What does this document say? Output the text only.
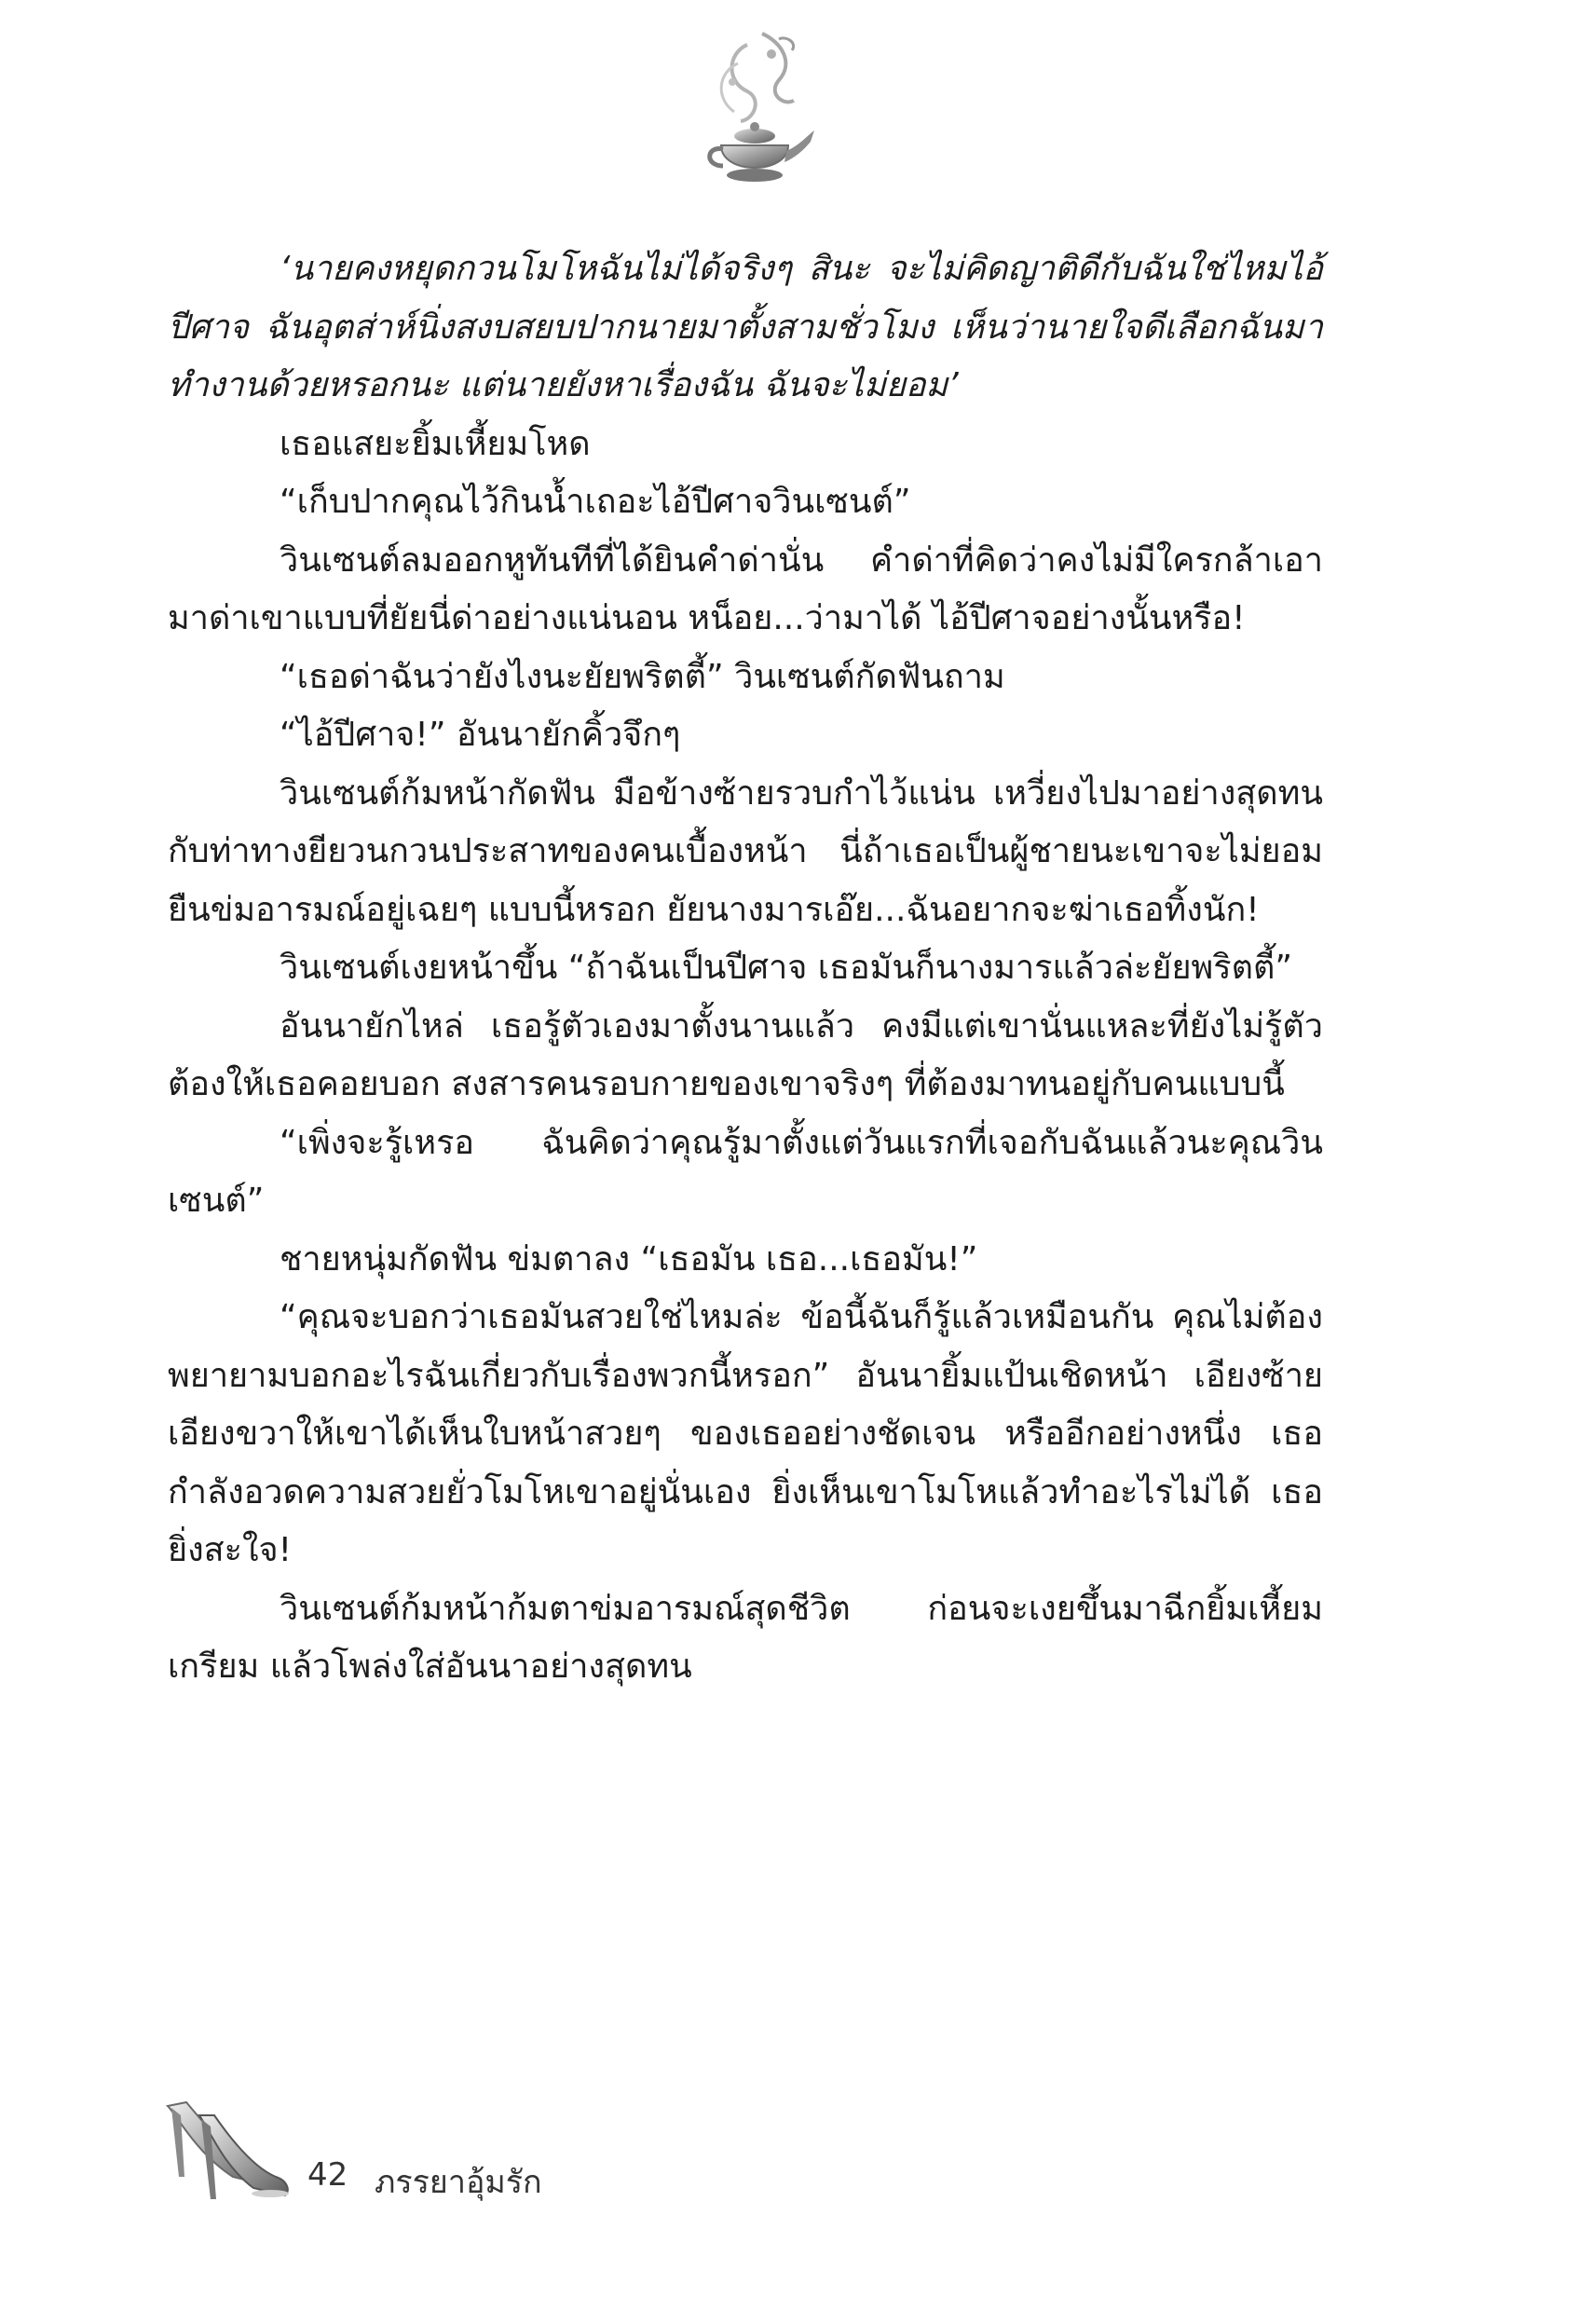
‘นายคงหยุดกวนโมโหฉันไม่ได้จริงๆ สินะ จะไม่คิดญาติดีกับฉันใช่ไหมไอ้ปีศาจ ฉันอุตส่าห์นิ่งสงบสยบปากนายมาตั้งสามชั่วโมง เห็นว่านายใจดีเลือกฉันมาทำงานด้วยหรอกนะ แต่นายยังหาเรื่องฉัน ฉันจะไม่ยอม’

เธอแสยะยิ้มเหี้ยมโหด

“เก็บปากคุณไว้กินน้ำเถอะไอ้ปีศาจวินเซนต์”

วินเซนต์ลมออกหูทันทีที่ได้ยินคำด่านั่น คำด่าที่คิดว่าคงไม่มีใครกล้าเอามาด่าเขาแบบที่ยัยนี่ด่าอย่างแน่นอน หน็อย...ว่ามาได้ ไอ้ปีศาจอย่างนั้นหรือ!

“เธอด่าฉันว่ายังไงนะยัยพริตตี้” วินเซนต์กัดฟันถาม

“ไอ้ปีศาจ!” อันนายักคิ้วจึกๆ

วินเซนต์ก้มหน้ากัดฟัน มือข้างซ้ายรวบกำไว้แน่น เหวี่ยงไปมาอย่างสุดทนกับท่าทางยียวนกวนประสาทของคนเบื้องหน้า นี่ถ้าเธอเป็นผู้ชายนะเขาจะไม่ยอมยืนข่มอารมณ์อยู่เฉยๆ แบบนี้หรอก ยัยนางมารเอ๊ย...ฉันอยากจะฆ่าเธอทิ้งนัก!

วินเซนต์เงยหน้าขึ้น “ถ้าฉันเป็นปีศาจ เธอมันก็นางมารแล้วล่ะยัยพริตตี้”

อันนายักไหล่ เธอรู้ตัวเองมาตั้งนานแล้ว คงมีแต่เขานั่นแหละที่ยังไม่รู้ตัว ต้องให้เธอคอยบอก สงสารคนรอบกายของเขาจริงๆ ที่ต้องมาทนอยู่กับคนแบบนี้

“เพิ่งจะรู้เหรอ ฉันคิดว่าคุณรู้มาตั้งแต่วันแรกที่เจอกับฉันแล้วนะคุณวินเซนต์”

ชายหนุ่มกัดฟัน ข่มตาลง “เธอมัน เธอ...เธอมัน!”

“คุณจะบอกว่าเธอมันสวยใช่ไหมล่ะ ข้อนี้ฉันก็รู้แล้วเหมือนกัน คุณไม่ต้องพยายามบอกอะไรฉันเกี่ยวกับเรื่องพวกนี้หรอก” อันนายิ้มแป้นเชิดหน้า เอียงซ้ายเอียงขวาให้เขาได้เห็นใบหน้าสวยๆ ของเธออย่างชัดเจน หรืออีกอย่างหนึ่ง เธอกำลังอวดความสวยยั่วโมโหเขาอยู่นั่นเอง ยิ่งเห็นเขาโมโหแล้วทำอะไรไม่ได้ เธอยิ่งสะใจ!

วินเซนต์ก้มหน้าก้มตาข่มอารมณ์สุดชีวิต ก่อนจะเงยขึ้นมาฉีกยิ้มเหี้ยมเกรียม แล้วโพล่งใส่อันนาอย่างสุดทน

42 ภรรยาอุ้มรัก
